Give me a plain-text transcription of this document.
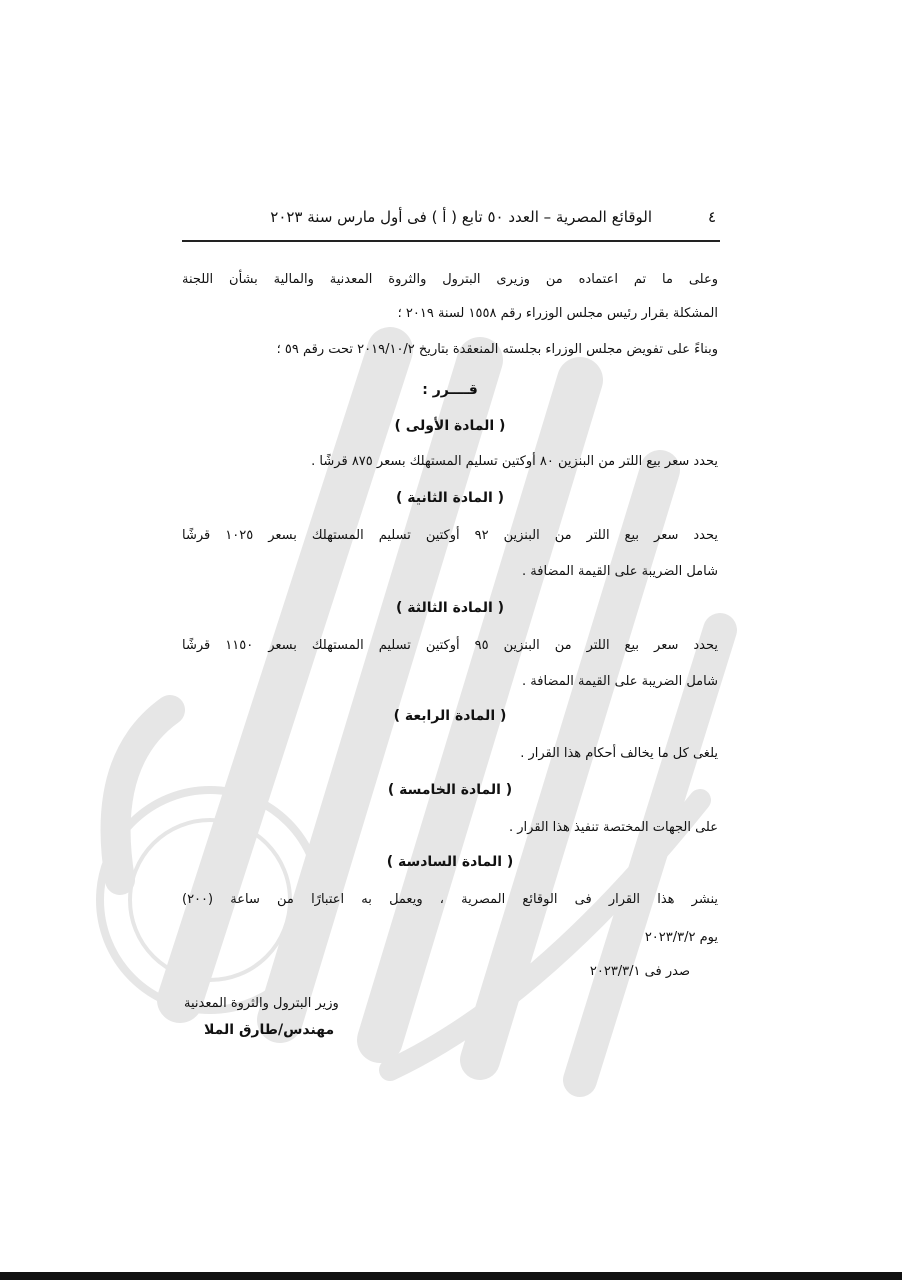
٤
الوقائع المصرية – العدد ٥٠ تابع ( أ ) فى أول مارس سنة ٢٠٢٣
وعلى ما تم اعتماده من وزيرى البترول والثروة المعدنية والمالية بشأن اللجنة
المشكلة بقرار رئيس مجلس الوزراء رقم ١٥٥٨ لسنة ٢٠١٩ ؛
وبناءً على تفويض مجلس الوزراء بجلسته المنعقدة بتاريخ ٢٠١٩/١٠/٢ تحت رقم ٥٩ ؛
قــــرر :
( المادة الأولى )
يحدد سعر بيع اللتر من البنزين ٨٠ أوكتين تسليم المستهلك بسعر ٨٧٥ قرشًا .
( المادة الثانية )
يحدد سعر بيع اللتر من البنزين ٩٢ أوكتين تسليم المستهلك بسعر ١٠٢٥ قرشًا
شامل الضريبة على القيمة المضافة .
( المادة الثالثة )
يحدد سعر بيع اللتر من البنزين ٩٥ أوكتين تسليم المستهلك بسعر ١١٥٠ قرشًا
شامل الضريبة على القيمة المضافة .
( المادة الرابعة )
يلغى كل ما يخالف أحكام هذا القرار .
( المادة الخامسة )
على الجهات المختصة تنفيذ هذا القرار .
( المادة السادسة )
ينشر هذا القرار فى الوقائع المصرية ، ويعمل به اعتبارًا من ساعة (٢٠٠)
يوم ٢٠٢٣/٣/٢
صدر فى ٢٠٢٣/٣/١
وزير البترول والثروة المعدنية
مهندس/طارق الملا
